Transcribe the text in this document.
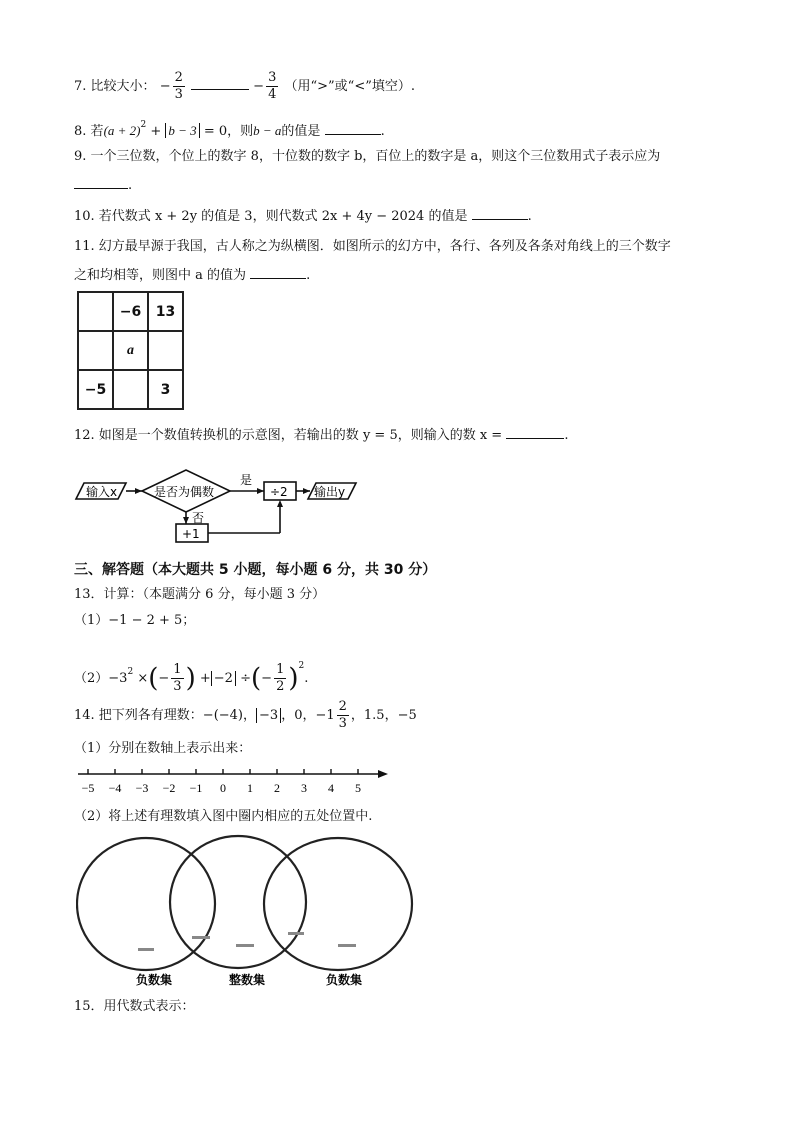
7. 比较大小： − $\frac{2}{3}$	− $\frac{3}{4}$ （用“>”或“<”填空）.
8. 若$(a + 2)^2 + b - 3 = 0$，则b − a的值是	.
9. 一个三位数，个位上的数字 8，十位数的数字 b，百位上的数字是 a，则这个三位数用式子表示应为
.
10. 若代数式 x + 2y 的值是 3，则代数式 2x + 4y − 2024 的值是	.
11. 幻方最早源于我国，古人称之为纵横图．如图所示的幻方中，各行、各列及各条对角线上的三个数字
之和均相等，则图中 a 的值为	.
	−6	13
	a	
−5		3
12. 如图是一个数值转换机的示意图，若输出的数 y = 5，则输入的数 x =	.
输入x	是否为偶数
是
否
÷2
+1
输出y
三、解答题（本大题共 5 小题，每小题 6 分，共 30 分）
13．计算：（本题满分 6 分，每小题 3 分）
（1）−1 − 2 + 5；
$(2)-3^2$ ×(− $\frac{1}{3}$ ) + −2 ÷(− $\frac{1}{2} )^2$.
14. 把下列各有理数：−(−4)， −3 ，0，$-1 \frac{2}{3}$ ，1.5，−5
（1）分别在数轴上表示出来：
−5 −4 −3 −2 −1 0 1 2 3 4 5
（2）将上述有理数填入图中圈内相应的五处位置中.
负数集	整数集	负数集
15．用代数式表示：
